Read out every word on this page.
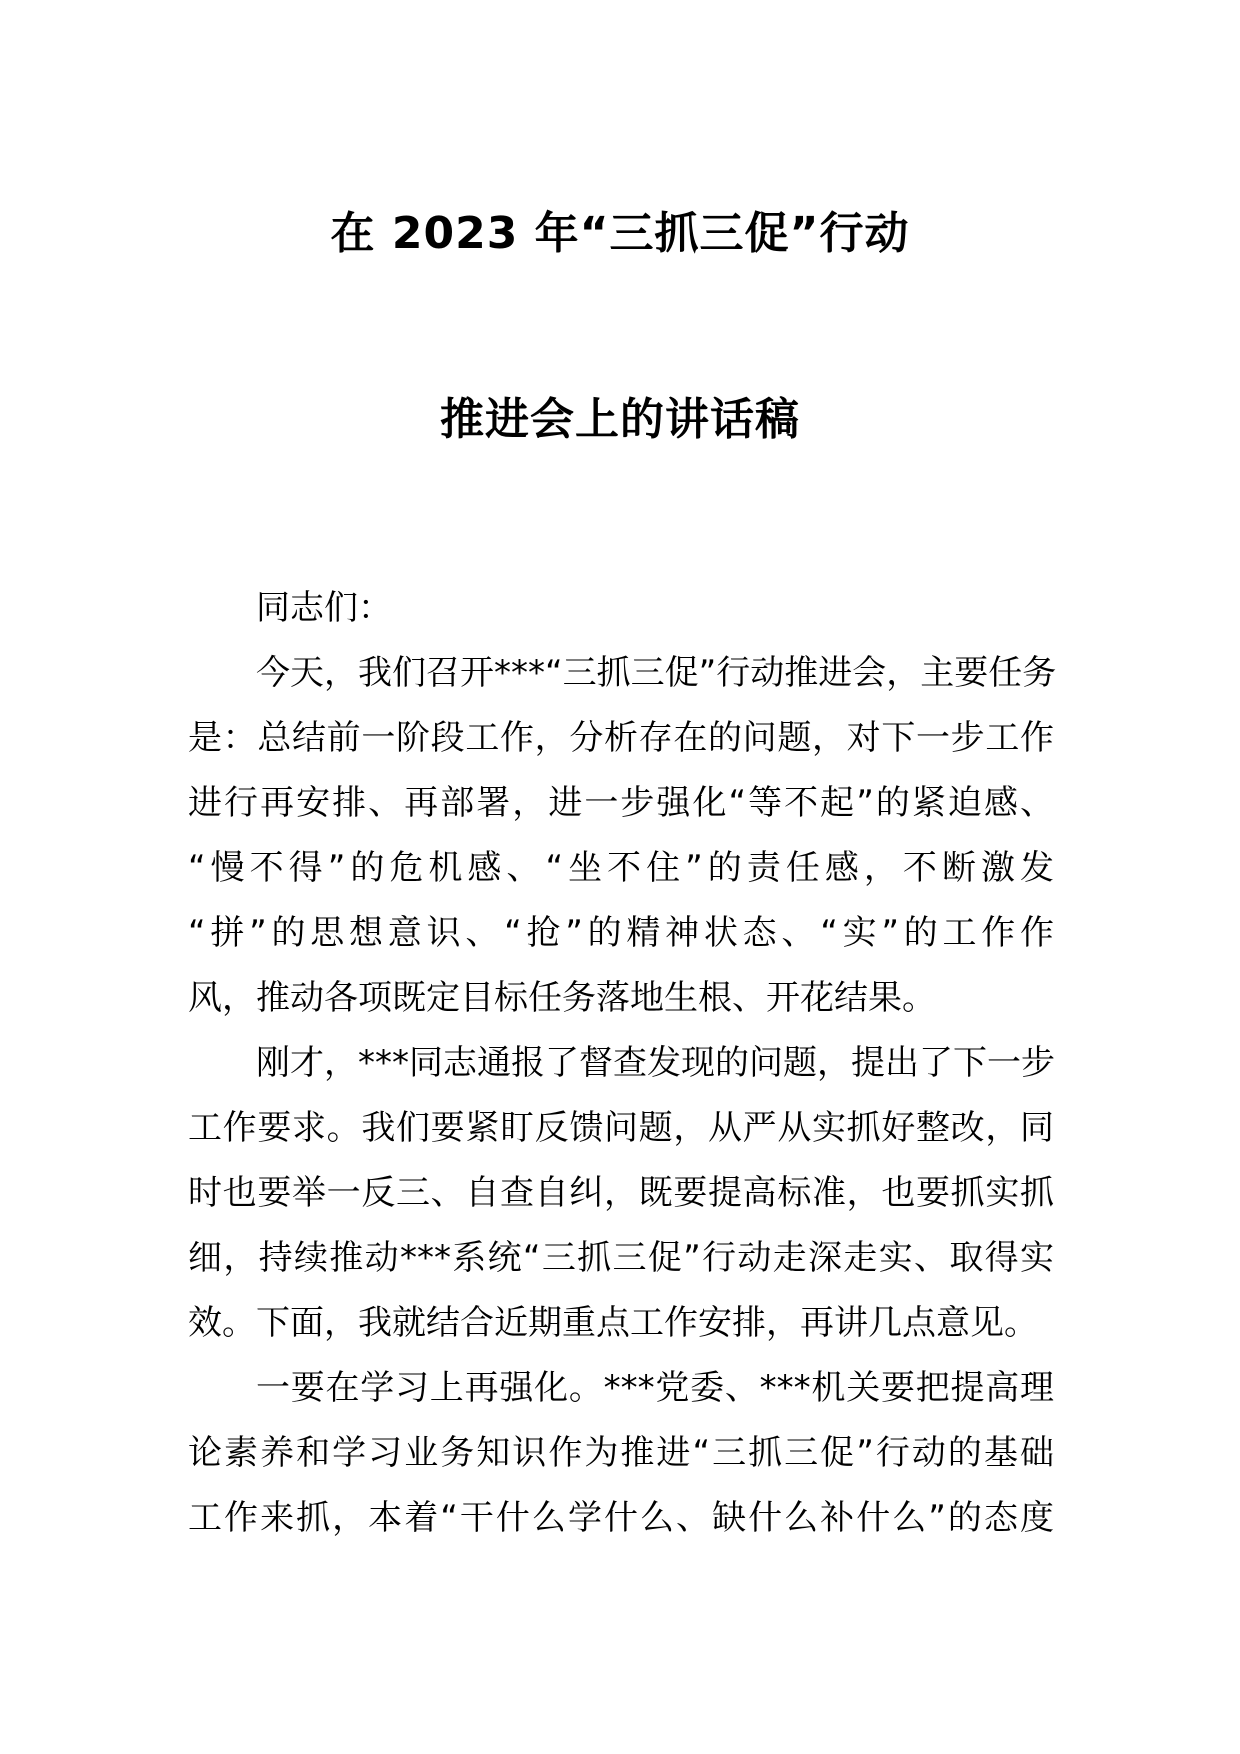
在 2023 年“三抓三促”行动
推进会上的讲话稿
同志们：
今天，我们召开***“三抓三促”行动推进会，主要任务
是：总结前一阶段工作，分析存在的问题，对下一步工作
进行再安排、再部署，进一步强化“等不起”的紧迫感、
“慢不得”的危机感、“坐不住”的责任感，不断激发
“拼”的思想意识、“抢”的精神状态、“实”的工作作
风，推动各项既定目标任务落地生根、开花结果。
刚才，***同志通报了督查发现的问题，提出了下一步
工作要求。我们要紧盯反馈问题，从严从实抓好整改，同
时也要举一反三、自查自纠，既要提高标准，也要抓实抓
细，持续推动***系统“三抓三促”行动走深走实、取得实
效。下面，我就结合近期重点工作安排，再讲几点意见。
一要在学习上再强化。***党委、***机关要把提高理
论素养和学习业务知识作为推进“三抓三促”行动的基础
工作来抓，本着“干什么学什么、缺什么补什么”的态度
